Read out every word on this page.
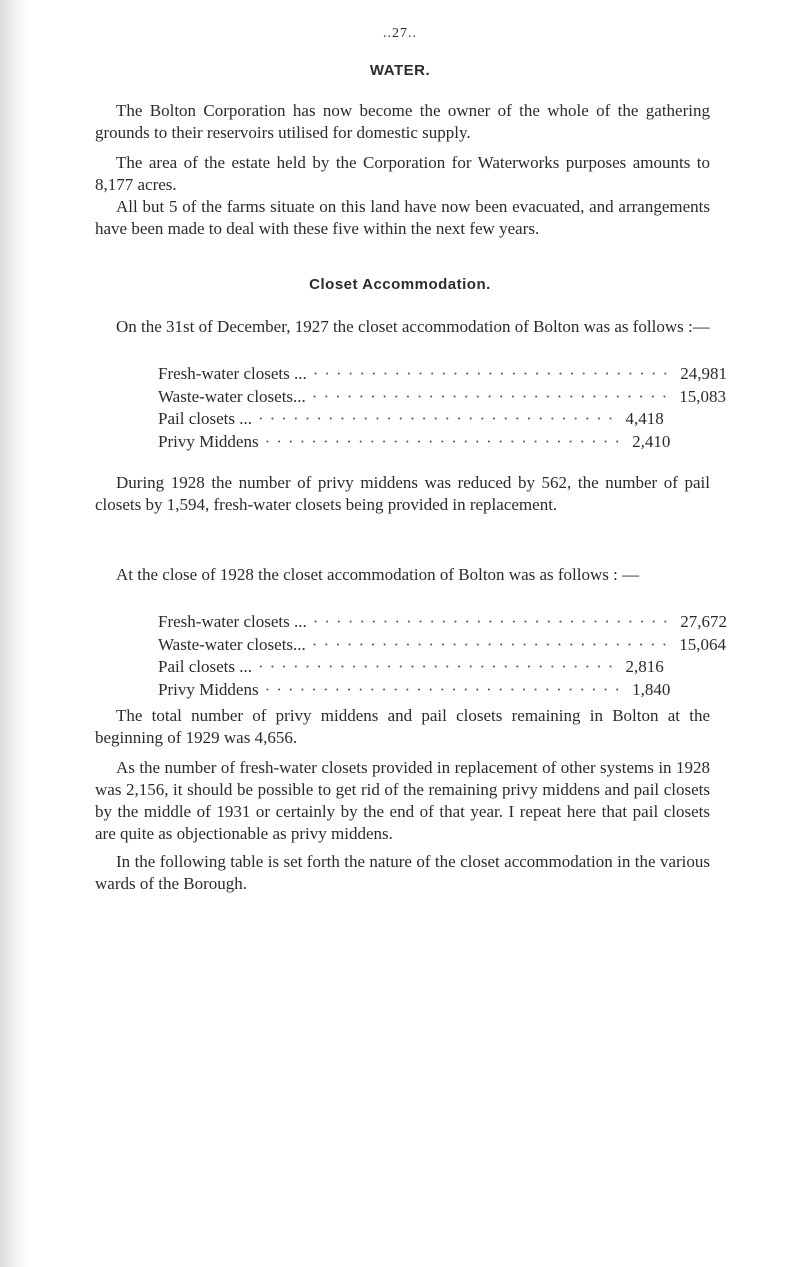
..27..
WATER.

The Bolton Corporation has now become the owner of the whole of the gathering grounds to their reservoirs utilised for domestic supply.

The area of the estate held by the Corporation for Waterworks purposes amounts to 8,177 acres.

All but 5 of the farms situate on this land have now been evacuated, and arrangements have been made to deal with these five within the next few years.

Closet Accommodation.

On the 31st of December, 1927 the closet accommodation of Bolton was as follows :—

Fresh-water closets ... ······························· 24,981
Waste-water closets... ······························· 15,083
Pail closets ... ······························· 4,418
Privy Middens ······························· 2,410

During 1928 the number of privy middens was reduced by 562, the number of pail closets by 1,594, fresh-water closets being provided in replacement.

At the close of 1928 the closet accommodation of Bolton was as follows : —

Fresh-water closets ... ······························· 27,672
Waste-water closets... ······························· 15,064
Pail closets ... ······························· 2,816
Privy Middens ······························· 1,840

The total number of privy middens and pail closets remaining in Bolton at the beginning of 1929 was 4,656.

As the number of fresh-water closets provided in replacement of other systems in 1928 was 2,156, it should be possible to get rid of the remaining privy middens and pail closets by the middle of 1931 or certainly by the end of that year. I repeat here that pail closets are quite as objectionable as privy middens.

In the following table is set forth the nature of the closet accommodation in the various wards of the Borough.
